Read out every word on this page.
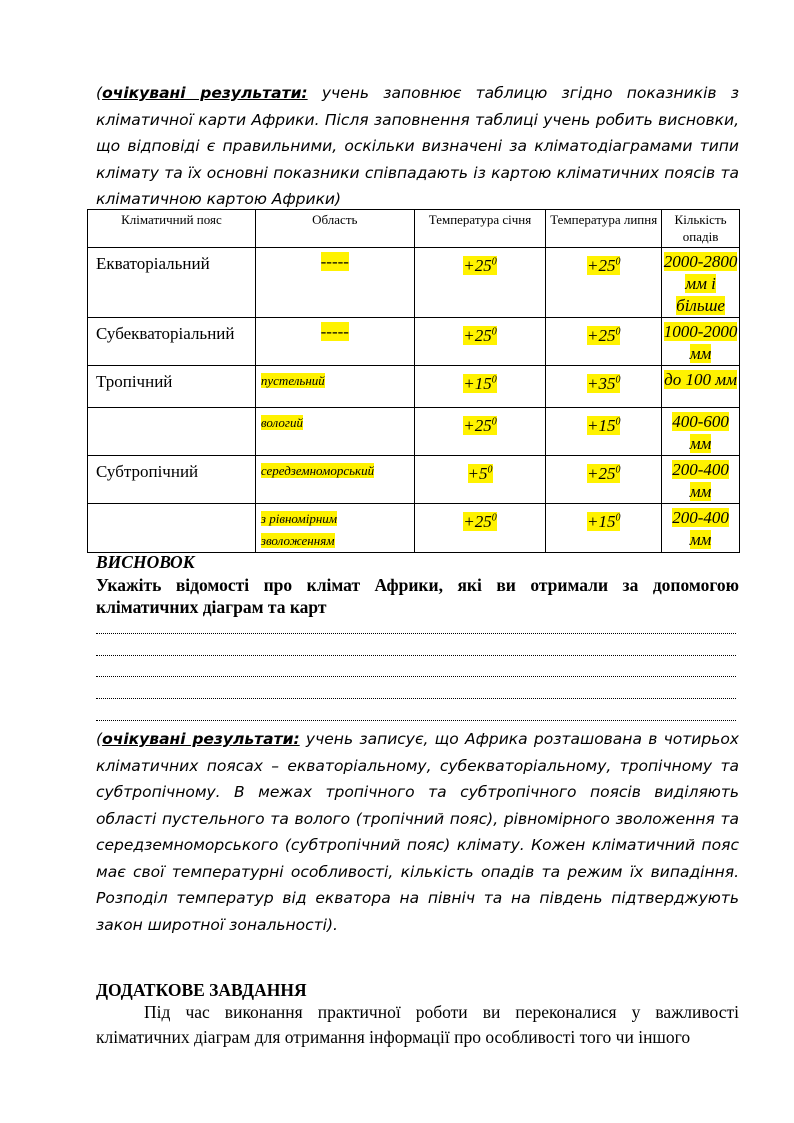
(очікувані результати: учень заповнює таблицю згідно показників з кліматичної карти Африки. Після заповнення таблиці учень робить висновки, що відповіді є правильними, оскільки визначені за кліматодіаграмами типи клімату та їх основні показники співпадають із картою кліматичних поясів та кліматичною картою Африки)
Кліматичний пояс	Область	Температура січня	Температура липня	Кількість опадів
Екваторіальний	-----	$+25^0$	$+25^0$	2000-2800 мм і більше
Субекваторіальний	-----	$+25^0$	$+25^0$	1000-2000 мм
Тропічний	пустельний	$+15^0$	$+35^0$	до 100 мм
	вологий	$+25^0$	$+15^0$	400-600 мм
Субтропічний	середземноморський	$+5^0$	$+25^0$	200-400 мм
	з рівномірним зволоженням	$+25^0$	$+15^0$	200-400 мм
ВИСНОВОК
Укажіть відомості про клімат Африки, які ви отримали за допомогою кліматичних діаграм та карт
(очікувані результати: учень записує, що Африка розташована в чотирьох кліматичних поясах – екваторіальному, субекваторіальному, тропічному та субтропічному. В межах тропічного та субтропічного поясів виділяють області пустельного та волого (тропічний пояс), рівномірного зволоження та середземноморського (субтропічний пояс) клімату. Кожен кліматичний пояс має свої температурні особливості, кількість опадів та режим їх випадіння. Розподіл температур від екватора на північ та на південь підтверджують закон широтної зональності).
ДОДАТКОВЕ ЗАВДАННЯ
Під час виконання практичної роботи ви переконалися у важливості кліматичних діаграм для отримання інформації про особливості того чи іншого
